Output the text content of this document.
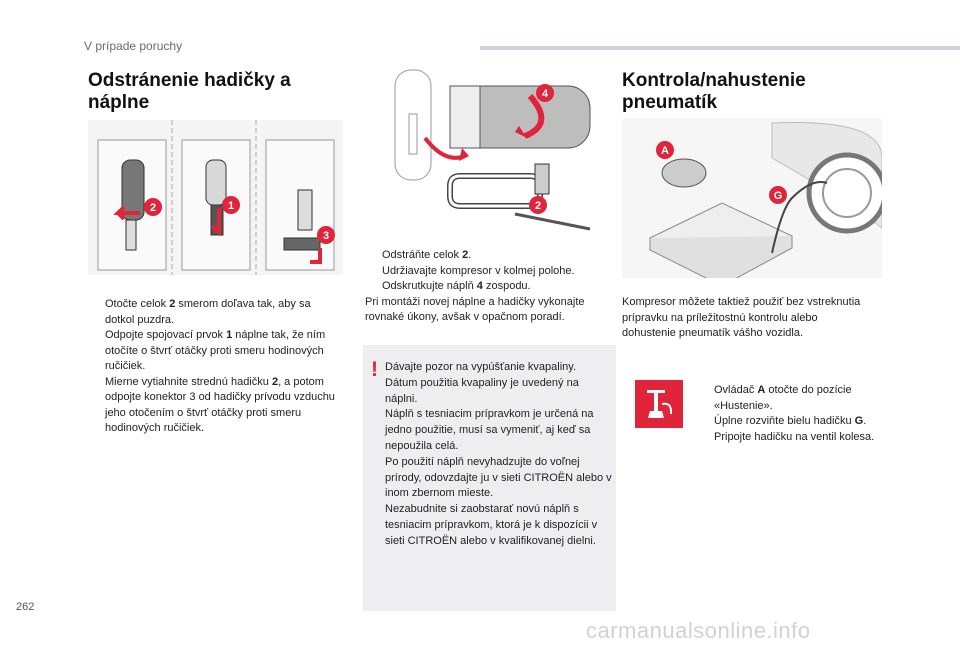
V prípade poruchy
Odstránenie hadičky a náplne
2	1
3
Otočte celok 2 smerom doľava tak, aby sa dotkol puzdra.
Odpojte spojovací prvok 1 náplne tak, že ním otočíte o štvrť otáčky proti smeru hodinových ručičiek.
Mierne vytiahnite strednú hadičku 2, a potom odpojte konektor 3 od hadičky prívodu vzduchu jeho otočením o štvrť otáčky proti smeru hodinových ručičiek.
4
2
Odstráňte celok 2.
Udržiavajte kompresor v kolmej polohe.
Odskrutkujte náplň 4 zospodu.
Pri montáži novej náplne a hadičky vykonajte rovnaké úkony, avšak v opačnom poradí.
! Dávajte pozor na vypúšťanie kvapaliny.
Dátum použitia kvapaliny je uvedený na náplni.
Náplň s tesniacim prípravkom je určená na jedno použitie, musí sa vymeniť, aj keď sa nepoužila celá.
Po použití náplň nevyhadzujte do voľnej prírody, odovzdajte ju v sieti CITROËN alebo v inom zbernom mieste.
Nezabudnite si zaobstarať novú náplň s tesniacim prípravkom, ktorá je k dispozícii v sieti CITROËN alebo v kvalifikovanej dielni.
Kontrola/nahustenie pneumatík
A
G
Kompresor môžete taktiež použiť bez vstreknutia prípravku na príležitostnú kontrolu alebo dohustenie pneumatík vášho vozidla.
Ovládač A otočte do pozície «Hustenie».
Úplne rozviňte bielu hadičku G.
Pripojte hadičku na ventil kolesa.
262
carmanualsonline.info
